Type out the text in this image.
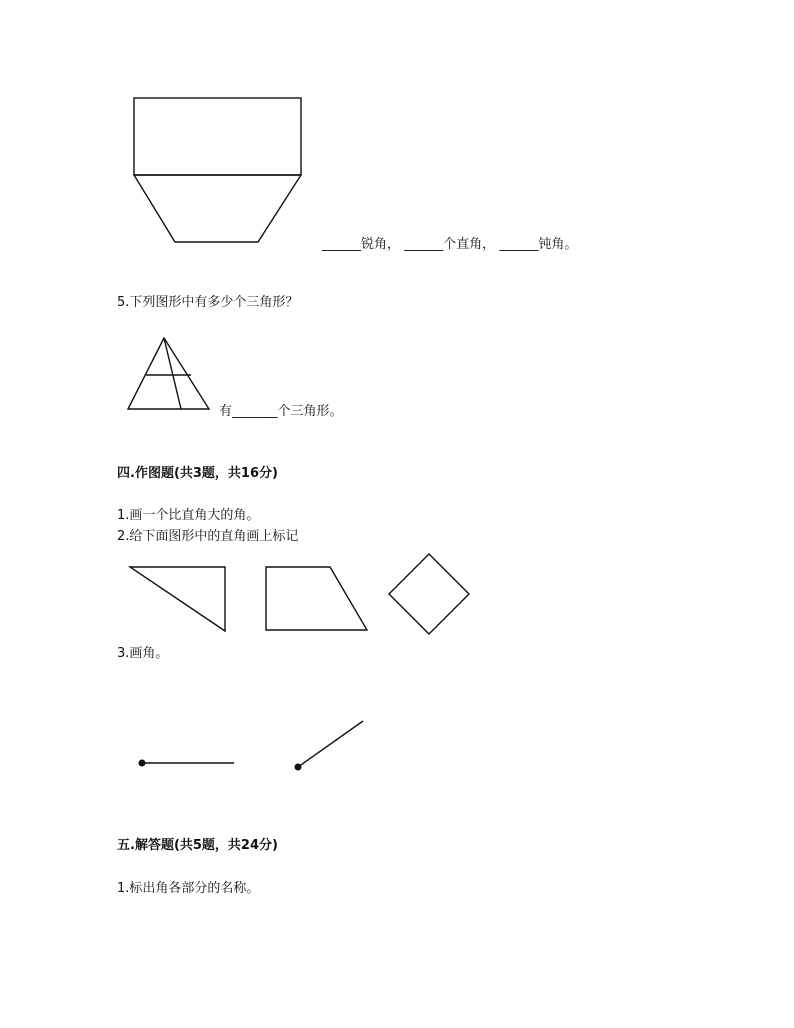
______锐角， ______个直角， ______钝角。
5.下列图形中有多少个三角形？
有_______个三角形。
四.作图题(共3题，共16分)
1.画一个比直角大的角。
2.给下面图形中的直角画上标记
3.画角。
五.解答题(共5题，共24分)
1.标出角各部分的名称。
